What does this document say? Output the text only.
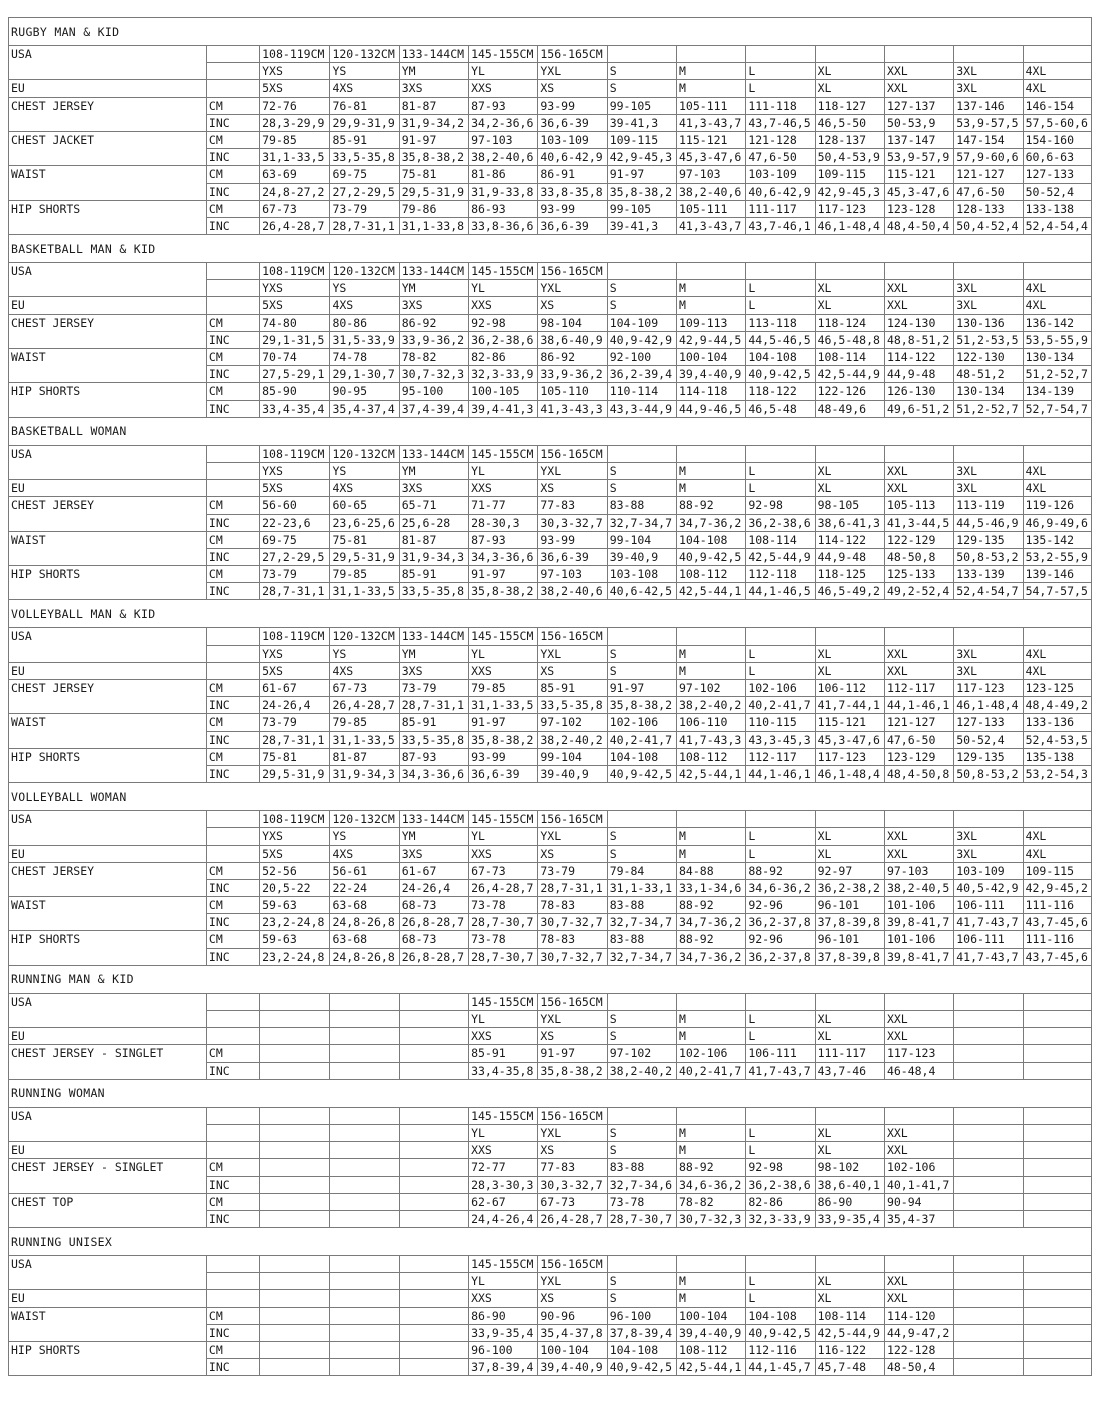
RUGBY MAN & KID													
USA		108-119CM	120-132CM	133-144CM	145-155CM	156-165CM							
		YXS	YS	YM	YL	YXL	S	M	L	XL	XXL	3XL	4XL
EU		5XS	4XS	3XS	XXS	XS	S	M	L	XL	XXL	3XL	4XL
CHEST JERSEY	CM	72-76	76-81	81-87	87-93	93-99	99-105	105-111	111-118	118-127	127-137	137-146	146-154
	INC	28,3-29,9	29,9-31,9	31,9-34,2	34,2-36,6	36,6-39	39-41,3	41,3-43,7	43,7-46,5	46,5-50	50-53,9	53,9-57,5	57,5-60,6
CHEST JACKET	CM	79-85	85-91	91-97	97-103	103-109	109-115	115-121	121-128	128-137	137-147	147-154	154-160
	INC	31,1-33,5	33,5-35,8	35,8-38,2	38,2-40,6	40,6-42,9	42,9-45,3	45,3-47,6	47,6-50	50,4-53,9	53,9-57,9	57,9-60,6	60,6-63
WAIST	CM	63-69	69-75	75-81	81-86	86-91	91-97	97-103	103-109	109-115	115-121	121-127	127-133
	INC	24,8-27,2	27,2-29,5	29,5-31,9	31,9-33,8	33,8-35,8	35,8-38,2	38,2-40,6	40,6-42,9	42,9-45,3	45,3-47,6	47,6-50	50-52,4
HIP SHORTS	CM	67-73	73-79	79-86	86-93	93-99	99-105	105-111	111-117	117-123	123-128	128-133	133-138
	INC	26,4-28,7	28,7-31,1	31,1-33,8	33,8-36,6	36,6-39	39-41,3	41,3-43,7	43,7-46,1	46,1-48,4	48,4-50,4	50,4-52,4	52,4-54,4
BASKETBALL MAN & KID													
USA		108-119CM	120-132CM	133-144CM	145-155CM	156-165CM							
		YXS	YS	YM	YL	YXL	S	M	L	XL	XXL	3XL	4XL
EU		5XS	4XS	3XS	XXS	XS	S	M	L	XL	XXL	3XL	4XL
CHEST JERSEY	CM	74-80	80-86	86-92	92-98	98-104	104-109	109-113	113-118	118-124	124-130	130-136	136-142
	INC	29,1-31,5	31,5-33,9	33,9-36,2	36,2-38,6	38,6-40,9	40,9-42,9	42,9-44,5	44,5-46,5	46,5-48,8	48,8-51,2	51,2-53,5	53,5-55,9
WAIST	CM	70-74	74-78	78-82	82-86	86-92	92-100	100-104	104-108	108-114	114-122	122-130	130-134
	INC	27,5-29,1	29,1-30,7	30,7-32,3	32,3-33,9	33,9-36,2	36,2-39,4	39,4-40,9	40,9-42,5	42,5-44,9	44,9-48	48-51,2	51,2-52,7
HIP SHORTS	CM	85-90	90-95	95-100	100-105	105-110	110-114	114-118	118-122	122-126	126-130	130-134	134-139
	INC	33,4-35,4	35,4-37,4	37,4-39,4	39,4-41,3	41,3-43,3	43,3-44,9	44,9-46,5	46,5-48	48-49,6	49,6-51,2	51,2-52,7	52,7-54,7
BASKETBALL WOMAN													
USA		108-119CM	120-132CM	133-144CM	145-155CM	156-165CM							
		YXS	YS	YM	YL	YXL	S	M	L	XL	XXL	3XL	4XL
EU		5XS	4XS	3XS	XXS	XS	S	M	L	XL	XXL	3XL	4XL
CHEST JERSEY	CM	56-60	60-65	65-71	71-77	77-83	83-88	88-92	92-98	98-105	105-113	113-119	119-126
	INC	22-23,6	23,6-25,6	25,6-28	28-30,3	30,3-32,7	32,7-34,7	34,7-36,2	36,2-38,6	38,6-41,3	41,3-44,5	44,5-46,9	46,9-49,6
WAIST	CM	69-75	75-81	81-87	87-93	93-99	99-104	104-108	108-114	114-122	122-129	129-135	135-142
	INC	27,2-29,5	29,5-31,9	31,9-34,3	34,3-36,6	36,6-39	39-40,9	40,9-42,5	42,5-44,9	44,9-48	48-50,8	50,8-53,2	53,2-55,9
HIP SHORTS	CM	73-79	79-85	85-91	91-97	97-103	103-108	108-112	112-118	118-125	125-133	133-139	139-146
	INC	28,7-31,1	31,1-33,5	33,5-35,8	35,8-38,2	38,2-40,6	40,6-42,5	42,5-44,1	44,1-46,5	46,5-49,2	49,2-52,4	52,4-54,7	54,7-57,5
VOLLEYBALL MAN & KID													
USA		108-119CM	120-132CM	133-144CM	145-155CM	156-165CM							
		YXS	YS	YM	YL	YXL	S	M	L	XL	XXL	3XL	4XL
EU		5XS	4XS	3XS	XXS	XS	S	M	L	XL	XXL	3XL	4XL
CHEST JERSEY	CM	61-67	67-73	73-79	79-85	85-91	91-97	97-102	102-106	106-112	112-117	117-123	123-125
	INC	24-26,4	26,4-28,7	28,7-31,1	31,1-33,5	33,5-35,8	35,8-38,2	38,2-40,2	40,2-41,7	41,7-44,1	44,1-46,1	46,1-48,4	48,4-49,2
WAIST	CM	73-79	79-85	85-91	91-97	97-102	102-106	106-110	110-115	115-121	121-127	127-133	133-136
	INC	28,7-31,1	31,1-33,5	33,5-35,8	35,8-38,2	38,2-40,2	40,2-41,7	41,7-43,3	43,3-45,3	45,3-47,6	47,6-50	50-52,4	52,4-53,5
HIP SHORTS	CM	75-81	81-87	87-93	93-99	99-104	104-108	108-112	112-117	117-123	123-129	129-135	135-138
	INC	29,5-31,9	31,9-34,3	34,3-36,6	36,6-39	39-40,9	40,9-42,5	42,5-44,1	44,1-46,1	46,1-48,4	48,4-50,8	50,8-53,2	53,2-54,3
VOLLEYBALL WOMAN													
USA		108-119CM	120-132CM	133-144CM	145-155CM	156-165CM							
		YXS	YS	YM	YL	YXL	S	M	L	XL	XXL	3XL	4XL
EU		5XS	4XS	3XS	XXS	XS	S	M	L	XL	XXL	3XL	4XL
CHEST JERSEY	CM	52-56	56-61	61-67	67-73	73-79	79-84	84-88	88-92	92-97	97-103	103-109	109-115
	INC	20,5-22	22-24	24-26,4	26,4-28,7	28,7-31,1	31,1-33,1	33,1-34,6	34,6-36,2	36,2-38,2	38,2-40,5	40,5-42,9	42,9-45,2
WAIST	CM	59-63	63-68	68-73	73-78	78-83	83-88	88-92	92-96	96-101	101-106	106-111	111-116
	INC	23,2-24,8	24,8-26,8	26,8-28,7	28,7-30,7	30,7-32,7	32,7-34,7	34,7-36,2	36,2-37,8	37,8-39,8	39,8-41,7	41,7-43,7	43,7-45,6
HIP SHORTS	CM	59-63	63-68	68-73	73-78	78-83	83-88	88-92	92-96	96-101	101-106	106-111	111-116
	INC	23,2-24,8	24,8-26,8	26,8-28,7	28,7-30,7	30,7-32,7	32,7-34,7	34,7-36,2	36,2-37,8	37,8-39,8	39,8-41,7	41,7-43,7	43,7-45,6
RUNNING MAN & KID													
USA					145-155CM	156-165CM							
					YL	YXL	S	M	L	XL	XXL		
EU					XXS	XS	S	M	L	XL	XXL		
CHEST JERSEY - SINGLET	CM				85-91	91-97	97-102	102-106	106-111	111-117	117-123		
	INC				33,4-35,8	35,8-38,2	38,2-40,2	40,2-41,7	41,7-43,7	43,7-46	46-48,4		
RUNNING WOMAN													
USA					145-155CM	156-165CM							
					YL	YXL	S	M	L	XL	XXL		
EU					XXS	XS	S	M	L	XL	XXL		
CHEST JERSEY - SINGLET	CM				72-77	77-83	83-88	88-92	92-98	98-102	102-106		
	INC				28,3-30,3	30,3-32,7	32,7-34,6	34,6-36,2	36,2-38,6	38,6-40,1	40,1-41,7		
CHEST TOP	CM				62-67	67-73	73-78	78-82	82-86	86-90	90-94		
	INC				24,4-26,4	26,4-28,7	28,7-30,7	30,7-32,3	32,3-33,9	33,9-35,4	35,4-37		
RUNNING UNISEX													
USA					145-155CM	156-165CM							
					YL	YXL	S	M	L	XL	XXL		
EU					XXS	XS	S	M	L	XL	XXL		
WAIST	CM				86-90	90-96	96-100	100-104	104-108	108-114	114-120		
	INC				33,9-35,4	35,4-37,8	37,8-39,4	39,4-40,9	40,9-42,5	42,5-44,9	44,9-47,2		
HIP SHORTS	CM				96-100	100-104	104-108	108-112	112-116	116-122	122-128		
	INC				37,8-39,4	39,4-40,9	40,9-42,5	42,5-44,1	44,1-45,7	45,7-48	48-50,4		
